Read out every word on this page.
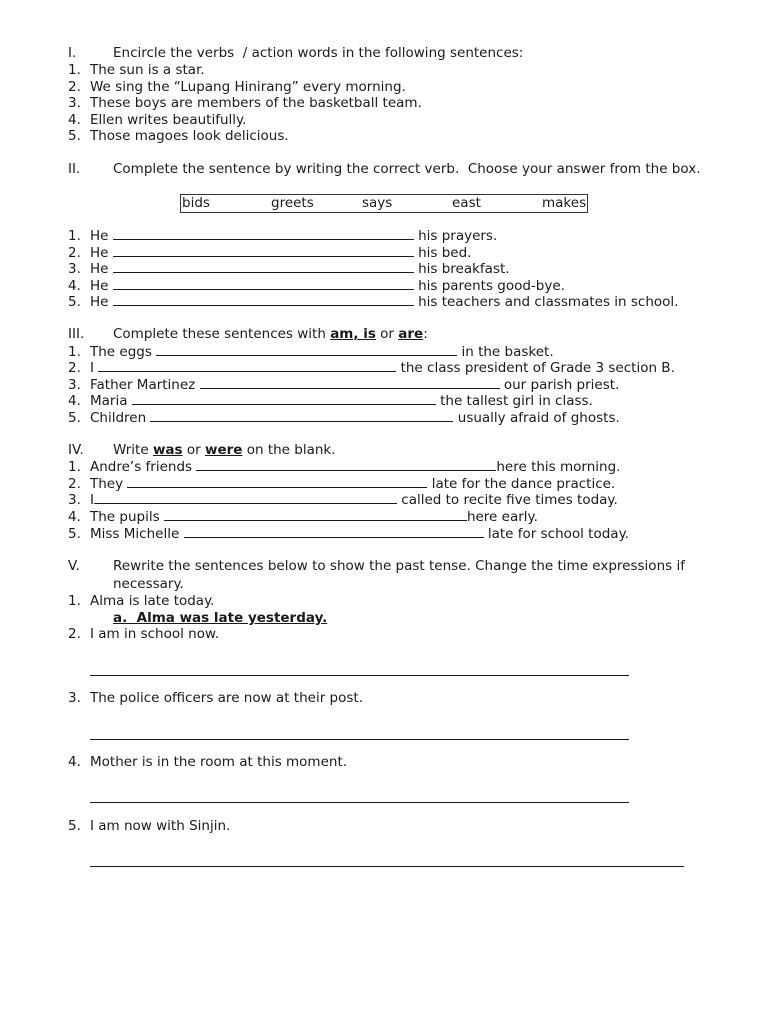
I.	Encircle the verbs  / action words in the following sentences:
1. The sun is a star.
2. We sing the “Lupang Hinirang” every morning.
3. These boys are members of the basketball team.
4. Ellen writes beautifully.
5. Those magoes look delicious.
II. Complete the sentence by writing the correct verb.  Choose your answer from the box.
bids	greets	says	east	makes
1. He	his prayers.
2. He	his bed.
3. He	his breakfast.
4. He	his parents good-bye.
5. He	his teachers and classmates in school.
III. Complete these sentences with am, is or are:
1. The eggs	in the basket.
2. I	the class president of Grade 3 section B.
3. Father Martinez	our parish priest.
4. Maria	the tallest girl in class.
5. Children	usually afraid of ghosts.
IV. Write was or were on the blank.
1. Andre’s friends	here this morning.
2. They	late for the dance practice.
3. I	called to recite five times today.
4. The pupils	here early.
5. Miss Michelle	late for school today.
V. Rewrite the sentences below to show the past tense. Change the time expressions if
necessary.
1. Alma is late today.
a.  Alma was late yesterday.
2. I am in school now.
3. The police officers are now at their post.
4. Mother is in the room at this moment.
5. I am now with Sinjin.
